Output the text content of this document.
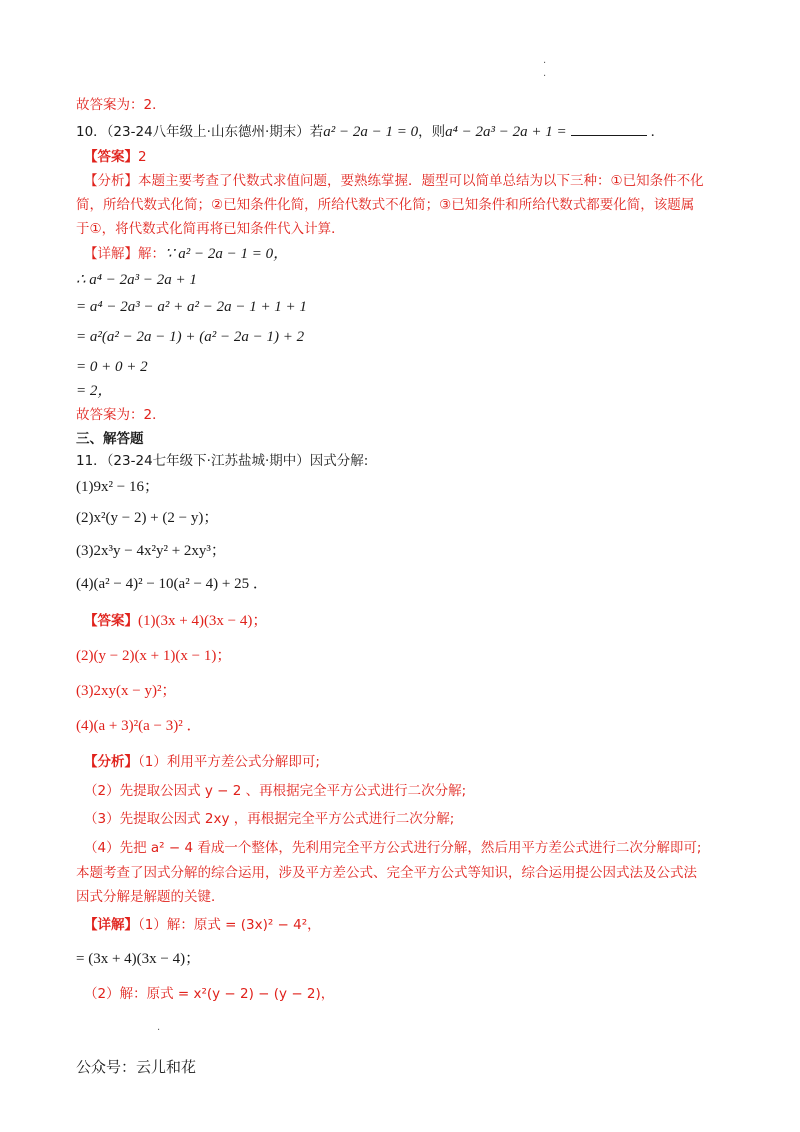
.
.
故答案为：2．
10．（23-24八年级上·山东德州·期末）若a² − 2a − 1 = 0，则a⁴ − 2a³ − 2a + 1 =	．
【答案】2
【分析】本题主要考查了代数式求值问题，要熟练掌握．题型可以简单总结为以下三种：①已知条件不化
简，所给代数式化简；②已知条件化简，所给代数式不化简；③已知条件和所给代数式都要化简，该题属
于①，将代数式化简再将已知条件代入计算．
【详解】解：∵ a² − 2a − 1 = 0，
∴ a⁴ − 2a³ − 2a + 1
= a⁴ − 2a³ − a² + a² − 2a − 1 + 1 + 1
= a²(a² − 2a − 1) + (a² − 2a − 1) + 2
= 0 + 0 + 2
= 2，
故答案为：2．
三、解答题
11．（23-24七年级下·江苏盐城·期中）因式分解:
(1)9x² − 16；
(2)x²(y − 2) + (2 − y)；
(3)2x³y − 4x²y² + 2xy³；
(4)(a² − 4)² − 10(a² − 4) + 25 ．
【答案】(1)(3x + 4)(3x − 4)；
(2)(y − 2)(x + 1)(x − 1)；
(3)2xy(x − y)²；
(4)(a + 3)²(a − 3)² ．
【分析】（1）利用平方差公式分解即可;
（2）先提取公因式 y − 2 、再根据完全平方公式进行二次分解;
（3）先提取公因式 2xy ，再根据完全平方公式进行二次分解;
（4）先把 a² − 4 看成一个整体，先利用完全平方公式进行分解，然后用平方差公式进行二次分解即可;
本题考查了因式分解的综合运用，涉及平方差公式、完全平方公式等知识，综合运用提公因式法及公式法
因式分解是解题的关键．
【详解】（1）解：原式 = (3x)² − 4²，
= (3x + 4)(3x − 4)；
（2）解：原式 = x²(y − 2) − (y − 2)，
.
公众号：云儿和花
